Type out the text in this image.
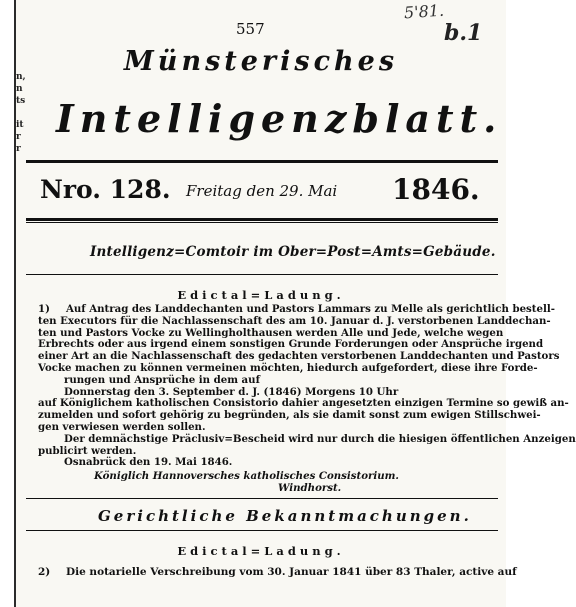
n,
n
ts
it
r
r
557
5'81.
b.1
Münsterisches
Intelligenzblatt.
Nro. 128. Freitag den 29. Mai 1846.
Intelligenz=Comtoir im Ober=Post=Amts=Gebäude.
Edictal=Ladung.
1) Auf Antrag des Landdechanten und Pastors Lammars zu Melle als gerichtlich bestell-
ten Executors für die Nachlassenschaft des am 10. Januar d. J. verstorbenen Landdechan-
ten und Pastors Vocke zu Wellingholthausen werden Alle und Jede, welche wegen
Erbrechts oder aus irgend einem sonstigen Grunde Forderungen oder Ansprüche irgend
einer Art an die Nachlassenschaft des gedachten verstorbenen Landdechanten und Pastors
Vocke machen zu können vermeinen möchten, hiedurch aufgefordert, diese ihre Forde-
rungen und Ansprüche in dem auf
Donnerstag den 3. September d. J. (1846) Morgens 10 Uhr
auf Königlichem katholischen Consistorio dahier angesetzten einzigen Termine so gewiß an-
zumelden und sofort gehörig zu begründen, als sie damit sonst zum ewigen Stillschwei-
gen verwiesen werden sollen.
Der demnächstige Präclusiv=Bescheid wird nur durch die hiesigen öffentlichen Anzeigen
publicirt werden.
Osnabrück den 19. Mai 1846.
Königlich Hannoversches katholisches Consistorium.
Windhorst.
Gerichtliche Bekanntmachungen.
Edictal=Ladung.
2) Die notarielle Verschreibung vom 30. Januar 1841 über 83 Thaler, active auf
